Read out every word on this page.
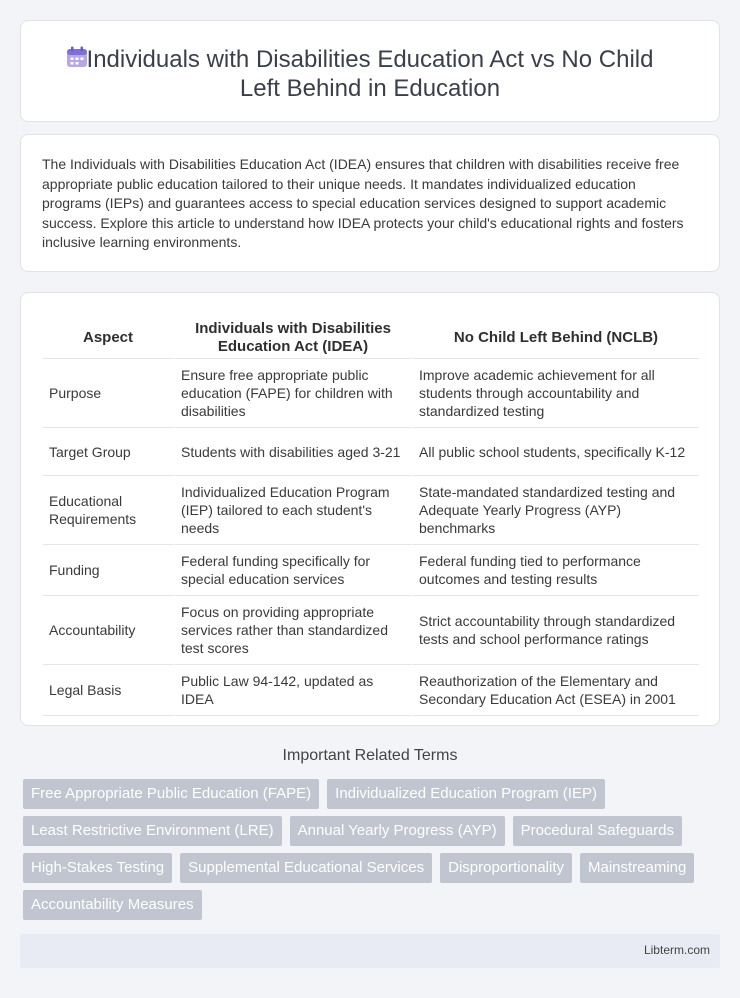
Individuals with Disabilities Education Act vs No Child Left Behind in Education

The Individuals with Disabilities Education Act (IDEA) ensures that children with disabilities receive free appropriate public education tailored to their unique needs. It mandates individualized education programs (IEPs) and guarantees access to special education services designed to support academic success. Explore this article to understand how IDEA protects your child's educational rights and fosters inclusive learning environments.

Aspect	Individuals with Disabilities Education Act (IDEA)	No Child Left Behind (NCLB)
Purpose	Ensure free appropriate public education (FAPE) for children with disabilities	Improve academic achievement for all students through accountability and standardized testing
Target Group	Students with disabilities aged 3-21	All public school students, specifically K-12
Educational Requirements	Individualized Education Program (IEP) tailored to each student's needs	State-mandated standardized testing and Adequate Yearly Progress (AYP) benchmarks
Funding	Federal funding specifically for special education services	Federal funding tied to performance outcomes and testing results
Accountability	Focus on providing appropriate services rather than standardized test scores	Strict accountability through standardized tests and school performance ratings
Legal Basis	Public Law 94-142, updated as IDEA	Reauthorization of the Elementary and Secondary Education Act (ESEA) in 2001
Important Related Terms
Free Appropriate Public Education (FAPE)	Individualized Education Program (IEP)
Least Restrictive Environment (LRE)	Annual Yearly Progress (AYP)	Procedural Safeguards
High-Stakes Testing	Supplemental Educational Services	Disproportionality	Mainstreaming
Accountability Measures
Libterm.com
